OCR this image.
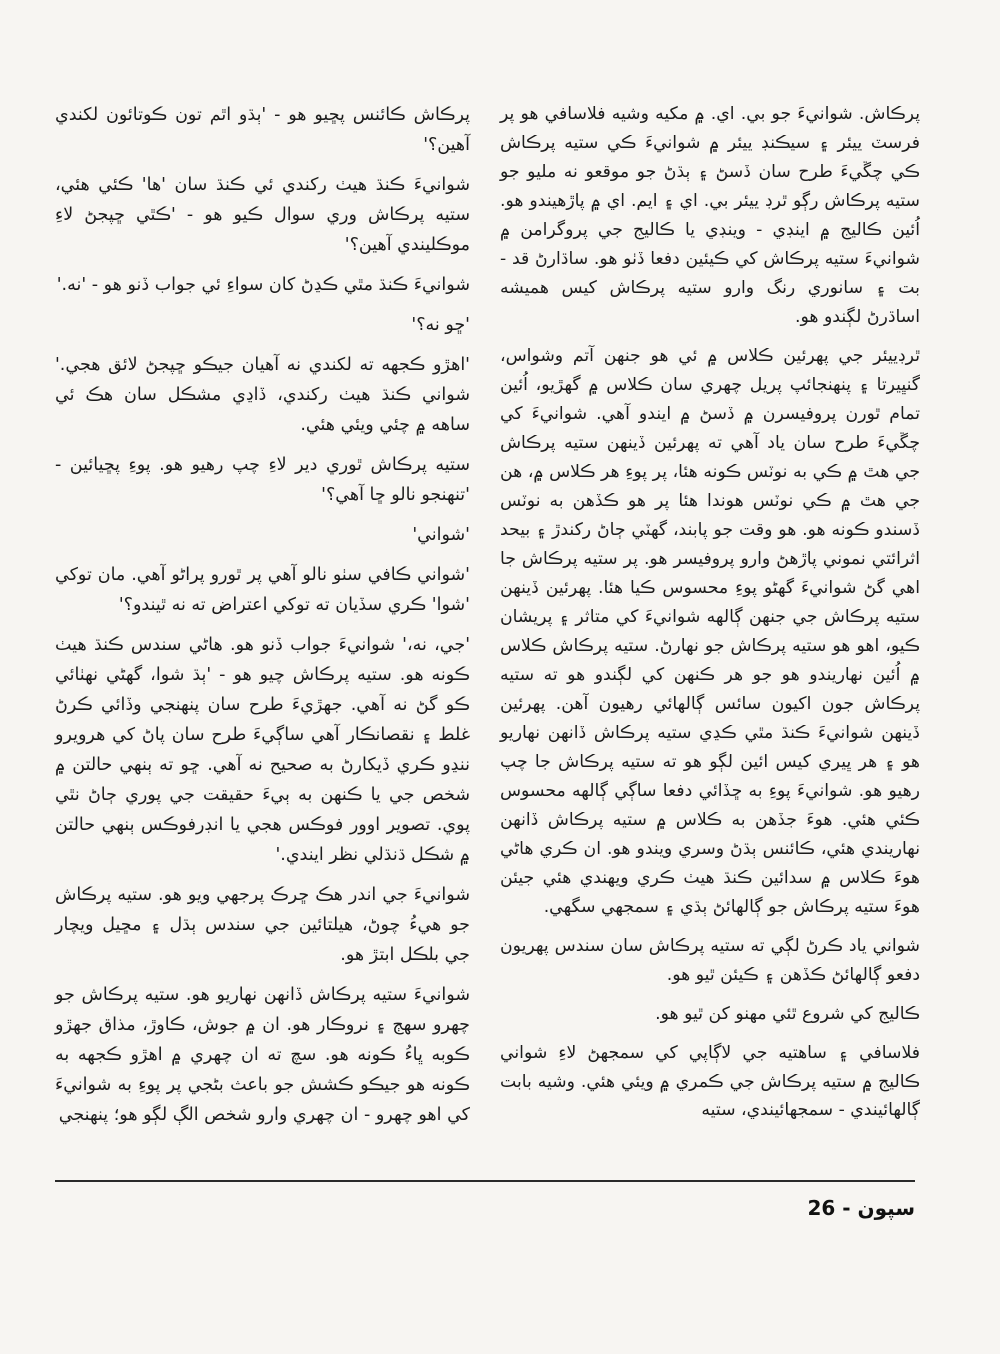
پرڪاش. شوانيءَ جو بي. اي. ۾ مکيه وشيه فلاسافي هو پر فرسٽ ييئر ۽ سيڪنڊ ييئر ۾ شوانيءَ ڪي ستيه پرڪاش ڪي چڱيءَ طرح سان ڏسڻ ۽ ٻڌڻ جو موقعو نه مليو جو ستيه پرڪاش رڳو ٿرڊ ييئر بي. اي ۽ ايم. اي ۾ پاڙهيندو هو. اُئين ڪاليج ۾ اينڊي - وينڊي يا ڪاليج جي پروگرامن ۾ شوانيءَ ستيه پرڪاش کي ڪيئين دفعا ڏٺو هو. ساڌارڻ قد - بت ۽ سانوري رنگ وارو ستيه پرڪاش کيس هميشه اساڌرڻ لڳندو هو.

ٿرڊييئر جي پهرئين ڪلاس ۾ ئي هو جنهن آتم وشواس، گنڀيرتا ۽ پنهنجائپ پريل چهري سان ڪلاس ۾ گهڙيو، اُئين تمام ٿورن پروفيسرن ۾ ڏسڻ ۾ ايندو آهي. شوانيءَ کي چڱيءَ طرح سان ياد آهي ته پهرئين ڏينهن ستيه پرڪاش جي هٿ ۾ ڪي به نوٽس ڪونه هئا، پر پوءِ هر ڪلاس ۾، هن جي هٿ ۾ ڪي نوٽس هوندا هئا پر هو ڪڏهن به نوٽس ڏسندو ڪونه هو. هو وقت جو پابند، گهٽي ڄاڻ رکندڙ ۽ بيحد اثرائتي نموني پاڙهڻ وارو پروفيسر هو. پر ستيه پرڪاش جا اهي گڻ شوانيءَ گهڻو پوءِ محسوس ڪيا هئا. پهرئين ڏينهن ستيه پرڪاش جي جنهن ڳالهه شوانيءَ کي متاثر ۽ پريشان ڪيو، اهو هو ستيه پرڪاش جو نهارڻ. ستيه پرڪاش ڪلاس ۾ اُئين نهاريندو هو جو هر ڪنهن کي لڳندو هو ته ستيه پرڪاش جون اکيون سائس ڳالهائي رهيون آهن. پهرئين ڏينهن شوانيءَ ڪنڌ مٿي ڪڍي ستيه پرڪاش ڏانهن نهاريو هو ۽ هر ڀيري کيس ائين لڳو هو ته ستيه پرڪاش جا چپ رهيو هو. شوانيءَ پوءِ به ڇڏائي دفعا ساڳي ڳالهه محسوس ڪئي هئي. هوءَ جڏهن به ڪلاس ۾ ستيه پرڪاش ڏانهن نهاريندي هئي، ڪائنس ٻڌڻ وسري ويندو هو. ان ڪري هاڻي هوءَ ڪلاس ۾ سدائين ڪنڌ هيٺ ڪري ويهندي هئي جيئن هوءَ ستيه پرڪاش جو ڳالهائڻ ٻڌي ۽ سمجهي سگهي.

شواني ياد ڪرڻ لڳي ته ستيه پرڪاش سان سندس پهريون دفعو ڳالهائڻ ڪڏهن ۽ ڪيئن ٿيو هو.

ڪاليج کي شروع ٿئي مهنو کن ٿيو هو.

فلاسافي ۽ ساهتيه جي لاڳاپي کي سمجهڻ لاءِ شواني ڪاليج ۾ ستيه پرڪاش جي ڪمري ۾ ويئي هئي. وشيه بابت ڳالهائيندي - سمجهائيندي، ستيه

پرڪاش ڪائنس پڇيو هو - 'ٻڌو اٿم تون ڪوتائون لکندي آهين؟'

شوانيءَ ڪنڌ هيٺ رکندي ئي ڪنڌ سان 'ها' ڪئي هئي، ستيه پرڪاش وري سوال ڪيو هو - 'ڪٿي ڇپجڻ لاءِ موڪليندي آهين؟'

شوانيءَ ڪنڌ مٿي ڪڍڻ کان سواءِ ئي جواب ڏنو هو - 'نه.'

'ڇو نه؟'

'اهڙو ڪجهه ته لکندي نه آهيان جيڪو ڇپجڻ لائق هجي.' شواني ڪنڌ هيٺ رکندي، ڏاڍي مشڪل سان هڪ ئي ساهه ۾ چئي ويئي هئي.

ستيه پرڪاش ٿوري دير لاءِ چپ رهيو هو. پوءِ پڇيائين - 'تنهنجو نالو ڇا آهي؟'

'شواني'

'شواني ڪافي سٺو نالو آهي پر ٿورو پراڻو آهي. مان توکي 'شوا' ڪري سڏيان ته توکي اعتراض ته نه ٿيندو؟'

'جي، نه،' شوانيءَ جواب ڏنو هو. هاڻي سندس ڪنڌ هيٺ ڪونه هو. ستيه پرڪاش چيو هو - 'ٻڌ شوا، گهڻي نهٺائي ڪو گڻ نه آهي. جهڙيءَ طرح سان پنهنجي وڏائي ڪرڻ غلط ۽ نقصانڪار آهي ساڳيءَ طرح سان پاڻ کي هرويرو ننڍو ڪري ڏيکارڻ به صحيح نه آهي. ڇو ته ٻنهي حالتن ۾ شخص جي يا ڪنهن به ٻيءَ حقيقت جي پوري ڄاڻ نٿي پوي. تصوير اوور فوڪس هجي يا انڊرفوڪس ٻنهي حالتن ۾ شڪل ڌنڌلي نظر ايندي.'

شوانيءَ جي اندر هڪ ڇرڪ پرجهي ويو هو. ستيه پرڪاش جو هيءُ چوڻ، هيلتائين جي سندس ٻڌل ۽ مڇيل ويچار جي بلڪل ابتڙ هو.

شوانيءَ ستيه پرڪاش ڏانهن نهاريو هو. ستيه پرڪاش جو چهرو سهڄ ۽ نروڪار هو. ان ۾ جوش، ڪاوڙ، مذاق جهڙو ڪوبه ڀاءُ ڪونه هو. سچ ته ان چهري ۾ اهڙو ڪجهه به ڪونه هو جيڪو ڪشش جو باعث بڻجي پر پوءِ به شوانيءَ کي اهو چهرو - ان چهري وارو شخص الڳ لڳو هو؛ پنهنجي

سپون - 26
